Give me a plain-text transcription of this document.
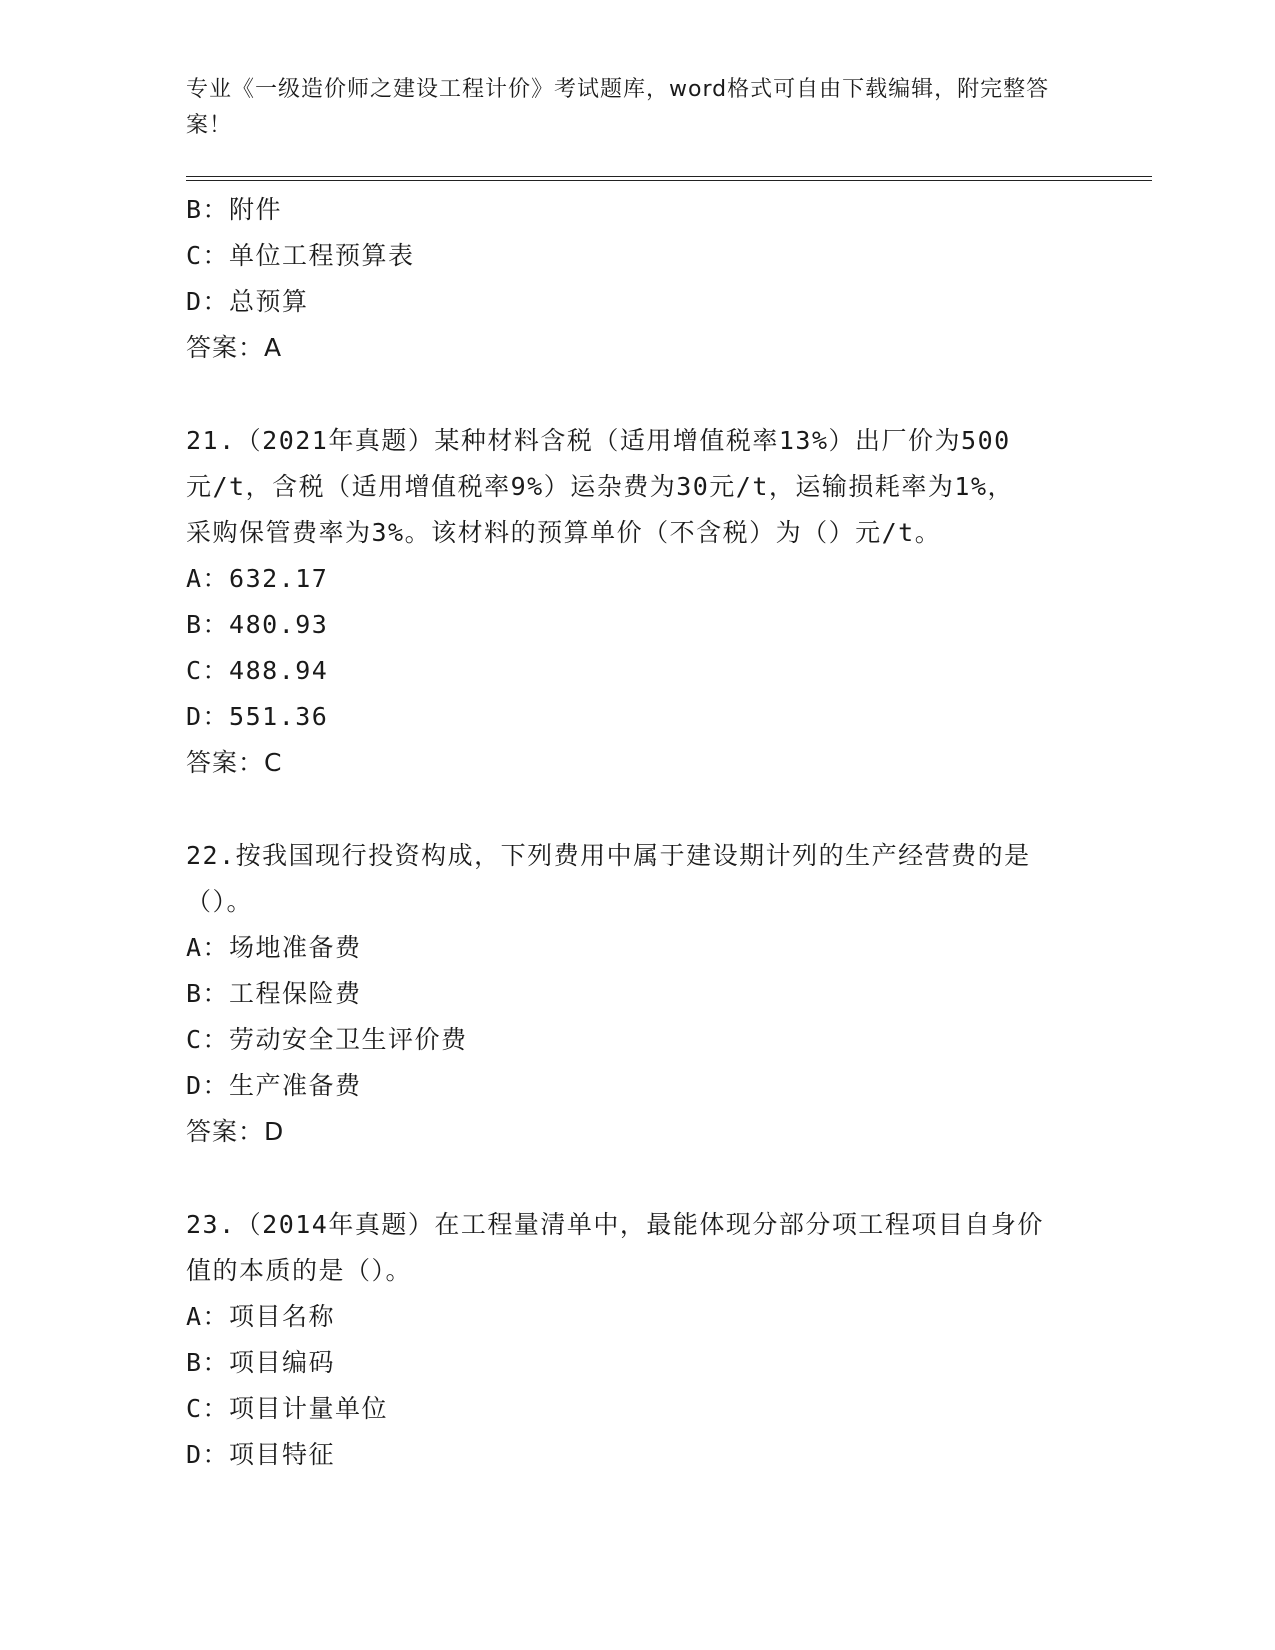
专业《一级造价师之建设工程计价》考试题库，word格式可自由下载编辑，附完整答案！
B：附件
C：单位工程预算表
D：总预算
答案：A
21.（2021年真题）某种材料含税（适用增值税率13%）出厂价为500元/t，含税（适用增值税率9%）运杂费为30元/t，运输损耗率为1%，采购保管费率为3%。该材料的预算单价（不含税）为（）元/t。
A：632.17
B：480.93
C：488.94
D：551.36
答案：C
22.按我国现行投资构成，下列费用中属于建设期计列的生产经营费的是（）。
A：场地准备费
B：工程保险费
C：劳动安全卫生评价费
D：生产准备费
答案：D
23.（2014年真题）在工程量清单中，最能体现分部分项工程项目自身价值的本质的是（）。
A：项目名称
B：项目编码
C：项目计量单位
D：项目特征
